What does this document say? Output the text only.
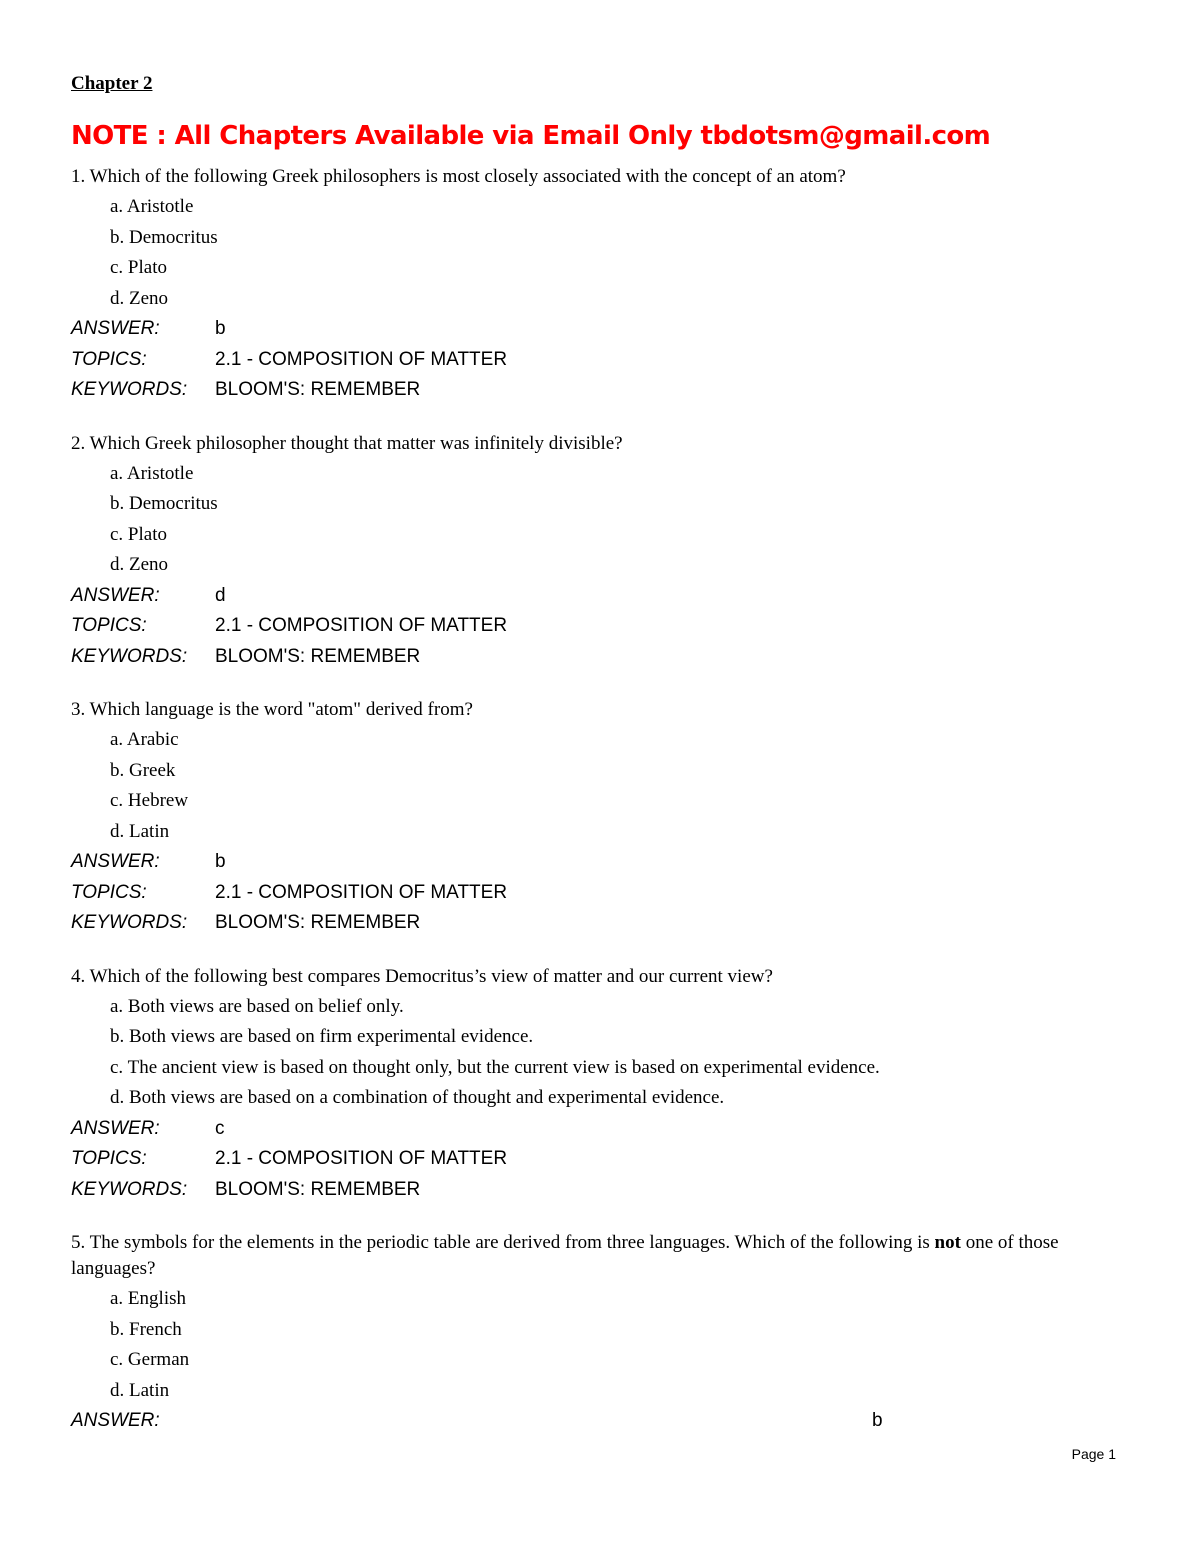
Chapter 2
NOTE : All Chapters Available via Email Only tbdotsm@gmail.com
1. Which of the following Greek philosophers is most closely associated with the concept of an atom?
a. Aristotle
b. Democritus
c. Plato
d. Zeno
ANSWER:	b
TOPICS:	2.1 - COMPOSITION OF MATTER
KEYWORDS:	BLOOM'S: REMEMBER
2. Which Greek philosopher thought that matter was infinitely divisible?
a. Aristotle
b. Democritus
c. Plato
d. Zeno
ANSWER:	d
TOPICS:	2.1 - COMPOSITION OF MATTER
KEYWORDS:	BLOOM'S: REMEMBER
3. Which language is the word "atom" derived from?
a. Arabic
b. Greek
c. Hebrew
d. Latin
ANSWER:	b
TOPICS:	2.1 - COMPOSITION OF MATTER
KEYWORDS:	BLOOM'S: REMEMBER
4. Which of the following best compares Democritus’s view of matter and our current view?
a. Both views are based on belief only.
b. Both views are based on firm experimental evidence.
c. The ancient view is based on thought only, but the current view is based on experimental evidence.
d. Both views are based on a combination of thought and experimental evidence.
ANSWER:	c
TOPICS:	2.1 - COMPOSITION OF MATTER
KEYWORDS:	BLOOM'S: REMEMBER
5. The symbols for the elements in the periodic table are derived from three languages. Which of the following is not one of those languages?
a. English
b. French
c. German
d. Latin
ANSWER:	b
Page 1
